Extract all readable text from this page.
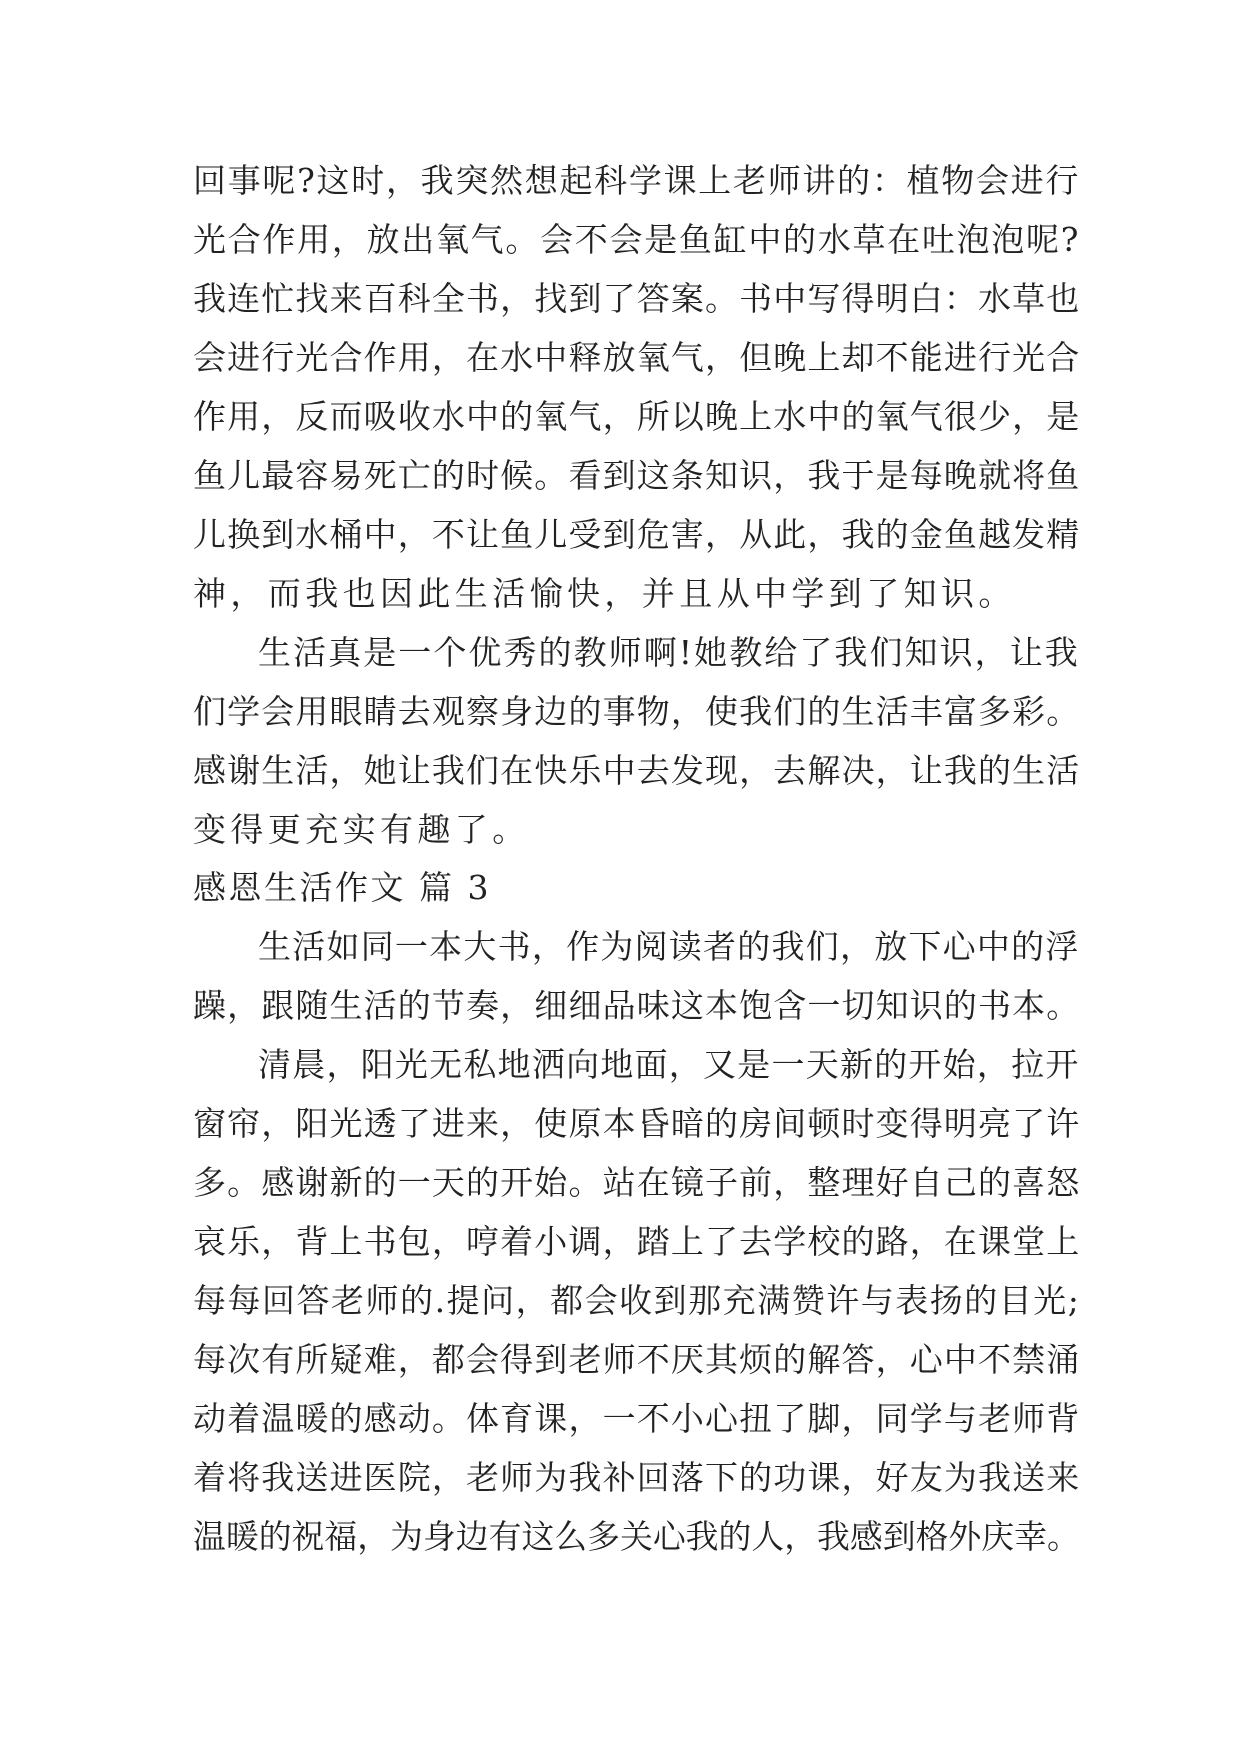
回事呢?这时，我突然想起科学课上老师讲的：植物会进行
光合作用，放出氧气。会不会是鱼缸中的水草在吐泡泡呢?
我连忙找来百科全书，找到了答案。书中写得明白：水草也
会进行光合作用，在水中释放氧气，但晚上却不能进行光合
作用，反而吸收水中的氧气，所以晚上水中的氧气很少，是
鱼儿最容易死亡的时候。看到这条知识，我于是每晚就将鱼
儿换到水桶中，不让鱼儿受到危害，从此，我的金鱼越发精
神，而我也因此生活愉快，并且从中学到了知识。
生活真是一个优秀的教师啊!她教给了我们知识，让我
们学会用眼睛去观察身边的事物，使我们的生活丰富多彩。
感谢生活，她让我们在快乐中去发现，去解决，让我的生活
变得更充实有趣了。
感恩生活作文 篇 3
生活如同一本大书，作为阅读者的我们，放下心中的浮
躁，跟随生活的节奏，细细品味这本饱含一切知识的书本。
清晨，阳光无私地洒向地面，又是一天新的开始，拉开
窗帘，阳光透了进来，使原本昏暗的房间顿时变得明亮了许
多。感谢新的一天的开始。站在镜子前，整理好自己的喜怒
哀乐，背上书包，哼着小调，踏上了去学校的路，在课堂上
每每回答老师的.提问，都会收到那充满赞许与表扬的目光;
每次有所疑难，都会得到老师不厌其烦的解答，心中不禁涌
动着温暖的感动。体育课，一不小心扭了脚，同学与老师背
着将我送进医院，老师为我补回落下的功课，好友为我送来
温暖的祝福，为身边有这么多关心我的人，我感到格外庆幸。
